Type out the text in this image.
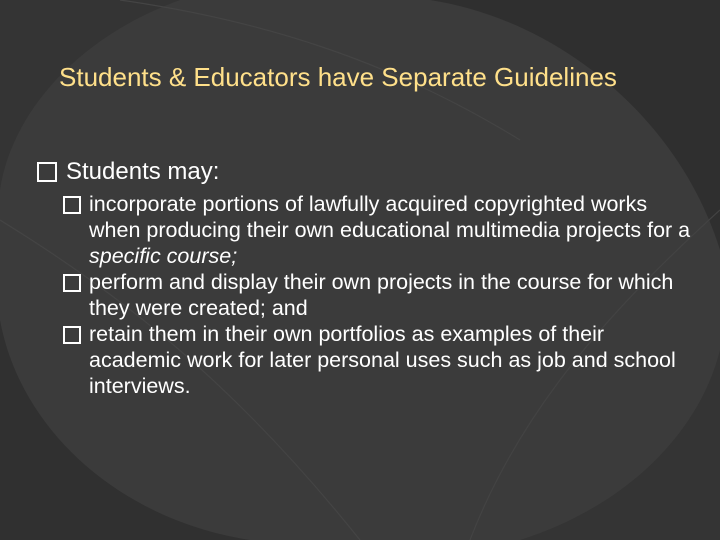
Students & Educators have Separate Guidelines
Students may:
incorporate portions of lawfully acquired copyrighted works when producing their own educational multimedia projects for a specific course;
perform and display their own projects in the course for which they were created; and
retain them in their own portfolios as examples of their academic work for later personal uses such as job and school interviews.
